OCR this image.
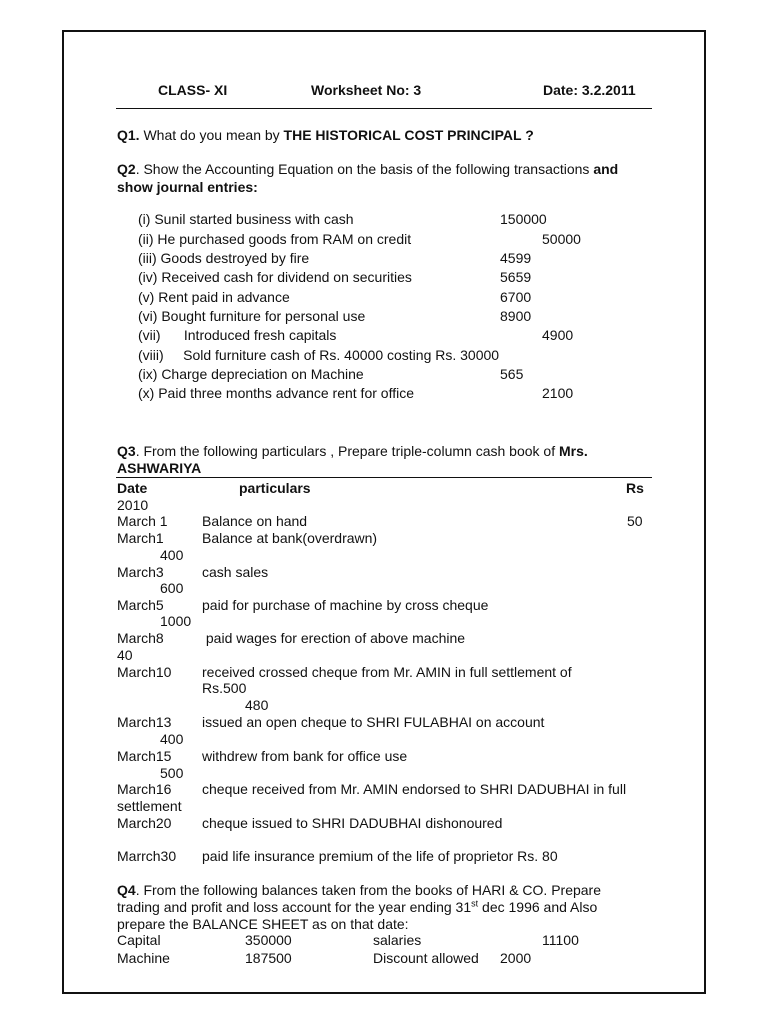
CLASS- XI	Worksheet No: 3	Date: 3.2.2011
Q1. What do you mean by THE HISTORICAL COST PRINCIPAL ?
Q2. Show the Accounting Equation on the basis of the following transactions and
show journal entries:
(i) Sunil started business with cash	150000
(ii) He purchased goods from RAM on credit	50000
(iii) Goods destroyed by fire	4599
(iv) Received cash for dividend on securities	5659
(v) Rent paid in advance	6700
(vi) Bought furniture for personal use	8900
(vii)      Introduced fresh capitals	4900
(viii)     Sold furniture cash of Rs. 40000 costing Rs. 30000
(ix) Charge depreciation on Machine	565
(x) Paid three months advance rent for office	2100
Q3. From the following particulars , Prepare triple-column cash book of Mrs.
ASHWARIYA
Date	particulars	Rs
2010
March 1 Balance on hand	50
March1	Balance at bank(overdrawn)
400
March3	cash sales
600
March5	paid for purchase of machine by cross cheque
1000
March8	paid wages for erection of above machine
40
March10 received crossed cheque from Mr. AMIN in full settlement of
Rs.500
480
March13 issued an open cheque to SHRI FULABHAI on account
400
March15 withdrew from bank for office use
500
March16 cheque received from Mr. AMIN endorsed to SHRI DADUBHAI in full
settlement
March20 cheque issued to SHRI DADUBHAI dishonoured
Marrch30 paid life insurance premium of the life of proprietor Rs. 80
Q4. From the following balances taken from the books of HARI & CO. Prepare
trading and profit and loss account for the year ending 31st dec 1996 and Also
prepare the BALANCE SHEET as on that date:
Capital	350000	salaries	11100
Machine	187500	Discount allowed 2000
